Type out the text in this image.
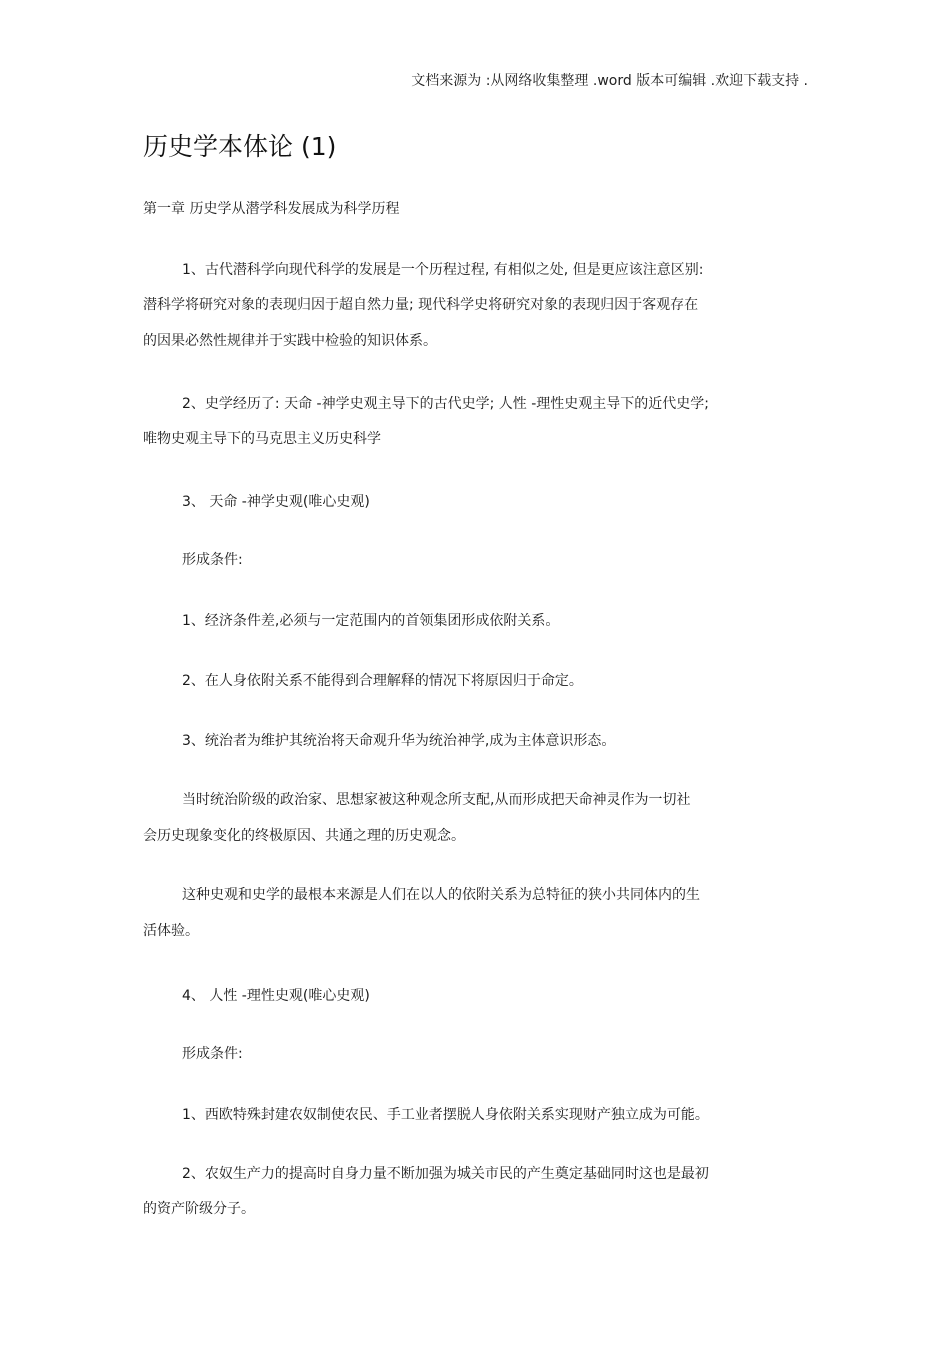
文档来源为 :从网络收集整理 .word 版本可编辑 .欢迎下载支持 .
历史学本体论 (1)
第一章 历史学从潜学科发展成为科学历程
1、古代潜科学向现代科学的发展是一个历程过程, 有相似之处, 但是更应该注意区别:
潜科学将研究对象的表现归因于超自然力量; 现代科学史将研究对象的表现归因于客观存在
的因果必然性规律并于实践中检验的知识体系。
2、史学经历了: 天命 -神学史观主导下的古代史学; 人性 -理性史观主导下的近代史学;
唯物史观主导下的马克思主义历史科学
3、 天命 -神学史观(唯心史观)
形成条件:
1、经济条件差,必须与一定范围内的首领集团形成依附关系。
2、在人身依附关系不能得到合理解释的情况下将原因归于命定。
3、统治者为维护其统治将天命观升华为统治神学,成为主体意识形态。
当时统治阶级的政治家、思想家被这种观念所支配,从而形成把天命神灵作为一切社
会历史现象变化的终极原因、共通之理的历史观念。
这种史观和史学的最根本来源是人们在以人的依附关系为总特征的狭小共同体内的生
活体验。
4、 人性 -理性史观(唯心史观)
形成条件:
1、西欧特殊封建农奴制使农民、手工业者摆脱人身依附关系实现财产独立成为可能。
2、农奴生产力的提高时自身力量不断加强为城关市民的产生奠定基础同时这也是最初
的资产阶级分子。
